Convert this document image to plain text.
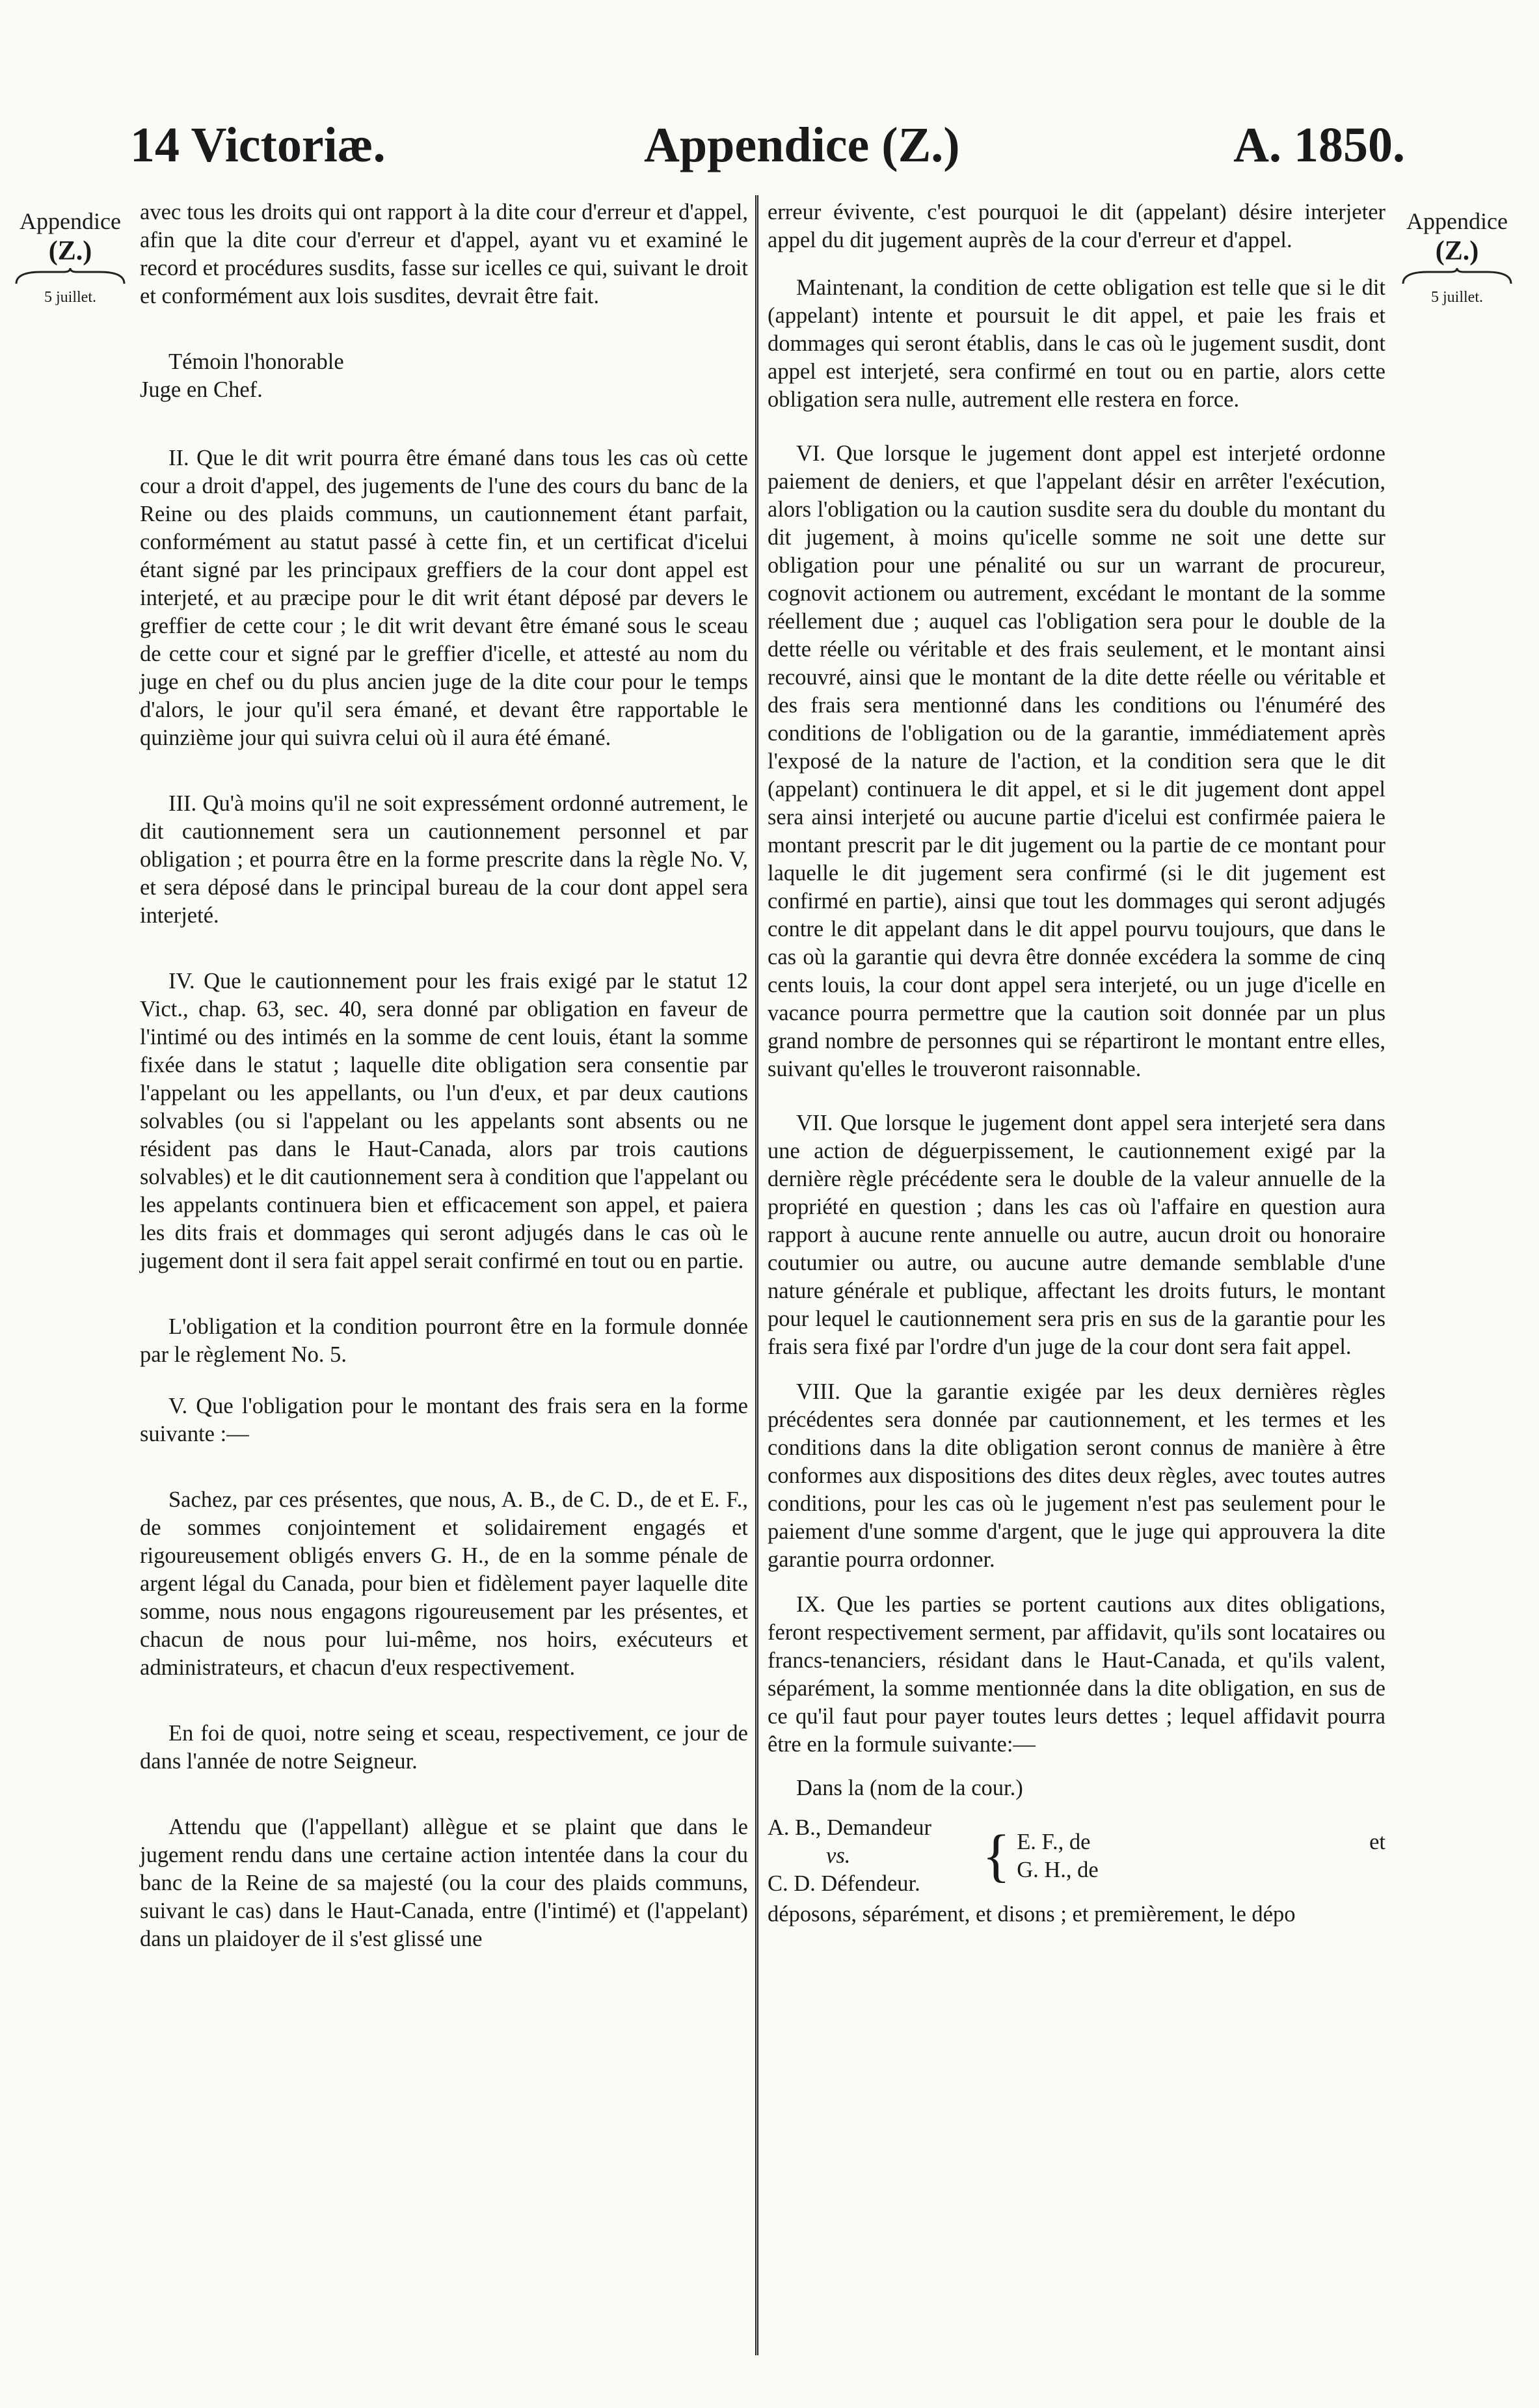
14 Victoriæ.	Appendice (Z.)	A. 1850.
Appendice
(Z.)
5 juillet.
Appendice
(Z.)
5 juillet.

avec tous les droits qui ont rapport à la dite cour d'erreur et d'appel, afin que la dite cour d'erreur et d'appel, ayant vu et examiné le record et procédures susdits, fasse sur icelles ce qui, suivant le droit et conformément aux lois susdites, devrait être fait.

Témoin l'honorable

Juge en Chef.

II. Que le dit writ pourra être émané dans tous les cas où cette cour a droit d'appel, des jugements de l'une des cours du banc de la Reine ou des plaids communs, un cautionnement étant parfait, conformément au statut passé à cette fin, et un certificat d'icelui étant signé par les principaux greffiers de la cour dont appel est interjeté, et au præcipe pour le dit writ étant déposé par devers le greffier de cette cour ; le dit writ devant être émané sous le sceau de cette cour et signé par le greffier d'icelle, et attesté au nom du juge en chef ou du plus ancien juge de la dite cour pour le temps d'alors, le jour qu'il sera émané, et devant être rapportable le quinzième jour qui suivra celui où il aura été émané.

III. Qu'à moins qu'il ne soit expressément ordonné autrement, le dit cautionnement sera un cautionnement personnel et par obligation ; et pourra être en la forme prescrite dans la règle No. V, et sera déposé dans le principal bureau de la cour dont appel sera interjeté.

IV. Que le cautionnement pour les frais exigé par le statut 12 Vict., chap. 63, sec. 40, sera donné par obligation en faveur de l'intimé ou des intimés en la somme de cent louis, étant la somme fixée dans le statut ; laquelle dite obligation sera consentie par l'appelant ou les appellants, ou l'un d'eux, et par deux cautions solvables (ou si l'appelant ou les appelants sont absents ou ne résident pas dans le Haut-Canada, alors par trois cautions solvables) et le dit cautionnement sera à condition que l'appelant ou les appelants continuera bien et efficacement son appel, et paiera les dits frais et dommages qui seront adjugés dans le cas où le jugement dont il sera fait appel serait confirmé en tout ou en partie.

L'obligation et la condition pourront être en la formule donnée par le règlement No. 5.

V. Que l'obligation pour le montant des frais sera en la forme suivante :—

Sachez, par ces présentes, que nous, A. B., de C. D., de et E. F., de sommes conjointement et solidairement engagés et rigoureusement obligés envers G. H., de en la somme pénale de argent légal du Canada, pour bien et fidèlement payer laquelle dite somme, nous nous engagons rigoureusement par les présentes, et chacun de nous pour lui-même, nos hoirs, exécuteurs et administrateurs, et chacun d'eux respectivement.

En foi de quoi, notre seing et sceau, respectivement, ce jour de dans l'année de notre Seigneur.

Attendu que (l'appellant) allègue et se plaint que dans le jugement rendu dans une certaine action intentée dans la cour du banc de la Reine de sa majesté (ou la cour des plaids communs, suivant le cas) dans le Haut-Canada, entre (l'intimé) et (l'appelant) dans un plaidoyer de il s'est glissé une

erreur évivente, c'est pourquoi le dit (appelant) désire interjeter appel du dit jugement auprès de la cour d'erreur et d'appel.

Maintenant, la condition de cette obligation est telle que si le dit (appelant) intente et poursuit le dit appel, et paie les frais et dommages qui seront établis, dans le cas où le jugement susdit, dont appel est interjeté, sera confirmé en tout ou en partie, alors cette obligation sera nulle, autrement elle restera en force.

VI. Que lorsque le jugement dont appel est interjeté ordonne paiement de deniers, et que l'appelant désir en arrêter l'exécution, alors l'obligation ou la caution susdite sera du double du montant du dit jugement, à moins qu'icelle somme ne soit une dette sur obligation pour une pénalité ou sur un warrant de procureur, cognovit actionem ou autrement, excédant le montant de la somme réellement due ; auquel cas l'obligation sera pour le double de la dette réelle ou véritable et des frais seulement, et le montant ainsi recouvré, ainsi que le montant de la dite dette réelle ou véritable et des frais sera mentionné dans les conditions ou l'énuméré des conditions de l'obligation ou de la garantie, immédiatement après l'exposé de la nature de l'action, et la condition sera que le dit (appelant) continuera le dit appel, et si le dit jugement dont appel sera ainsi interjeté ou aucune partie d'icelui est confirmée paiera le montant prescrit par le dit jugement ou la partie de ce montant pour laquelle le dit jugement sera confirmé (si le dit jugement est confirmé en partie), ainsi que tout les dommages qui seront adjugés contre le dit appelant dans le dit appel pourvu toujours, que dans le cas où la garantie qui devra être donnée excédera la somme de cinq cents louis, la cour dont appel sera interjeté, ou un juge d'icelle en vacance pourra permettre que la caution soit donnée par un plus grand nombre de personnes qui se répartiront le montant entre elles, suivant qu'elles le trouveront raisonnable.

VII. Que lorsque le jugement dont appel sera interjeté sera dans une action de déguerpissement, le cautionnement exigé par la dernière règle précédente sera le double de la valeur annuelle de la propriété en question ; dans les cas où l'affaire en question aura rapport à aucune rente annuelle ou autre, aucun droit ou honoraire coutumier ou autre, ou aucune autre demande semblable d'une nature générale et publique, affectant les droits futurs, le montant pour lequel le cautionnement sera pris en sus de la garantie pour les frais sera fixé par l'ordre d'un juge de la cour dont sera fait appel.

VIII. Que la garantie exigée par les deux dernières règles précédentes sera donnée par cautionnement, et les termes et les conditions dans la dite obligation seront connus de manière à être conformes aux dispositions des dites deux règles, avec toutes autres conditions, pour les cas où le jugement n'est pas seulement pour le paiement d'une somme d'argent, que le juge qui approuvera la dite garantie pourra ordonner.

IX. Que les parties se portent cautions aux dites obligations, feront respectivement serment, par affidavit, qu'ils sont locataires ou francs-tenanciers, résidant dans le Haut-Canada, et qu'ils valent, séparément, la somme mentionnée dans la dite obligation, en sus de ce qu'il faut pour payer toutes leurs dettes ; lequel affidavit pourra être en la formule suivante:—

Dans la (nom de la cour.)

A. B., Demandeur
vs.
C. D. Défendeur.	{ E. F., de	et
G. H., de

déposons, séparément, et disons ; et premièrement, le dépo
